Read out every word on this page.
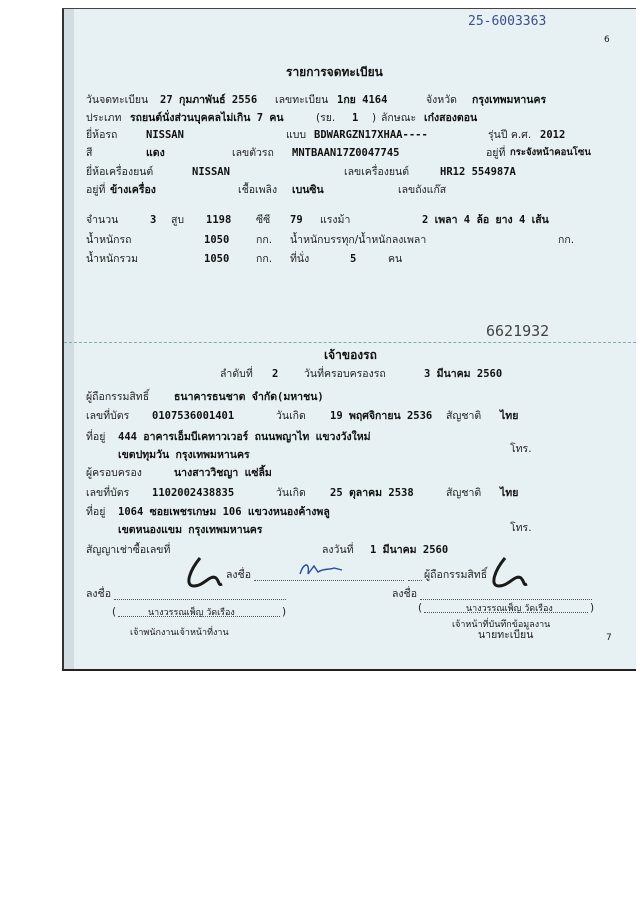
25-6003363
6
รายการจดทะเบียน
วันจดทะเบียน 27 กุมภาพันธ์ 2556 เลขทะเบียน 1กย 4164	จังหวัด กรุงเทพมหานคร
ประเภท รถยนต์นั่งส่วนบุคคลไม่เกิน 7 คน	(รย. 1 ) ลักษณะ เก๋งสองตอน
ยี่ห้อรถ	NISSAN	แบบ BDWARGZN17XHAA----	รุ่นปี ค.ศ. 2012
สี	แดง	เลขตัวรถ MNTBAAN17Z0047745	อยู่ที่ กระจังหน้าคอนโซน
ยี่ห้อเครื่องยนต์	NISSAN	เลขเครื่องยนต์	HR12 554987A
อยู่ที่ ข้างเครื่อง	เชื้อเพลิง เบนซิน	เลขถังแก๊ส
จำนวน	3 สูบ 1198 ซีซี 79 แรงม้า	2 เพลา 4 ล้อ ยาง 4 เส้น
น้ำหนักรถ	1050	กก. น้ำหนักบรรทุก/น้ำหนักลงเพลา	กก.
น้ำหนักรวม	1050	กก. ที่นั่ง	5	คน
6621932
เจ้าของรถ
ลำดับที่ 2 วันที่ครอบครองรถ	3 มีนาคม 2560
ผู้ถือกรรมสิทธิ์ ธนาคารธนชาต จำกัด(มหาชน)
เลขที่บัตร 0107536001401	วันเกิด 19 พฤศจิกายน 2536 สัญชาติ ไทย
ที่อยู่ 444 อาคารเอ็มบีเคทาวเวอร์ ถนนพญาไท แขวงวังใหม่
เขตปทุมวัน กรุงเทพมหานคร	โทร.
ผู้ครอบครอง	นางสาววิชญา แซ่ลิ้ม
เลขที่บัตร 1102002438835	วันเกิด 25 ตุลาคม 2538	สัญชาติ ไทย
ที่อยู่ 1064 ซอยเพชรเกษม 106 แขวงหนองค้างพลู
เขตหนองแขม กรุงเทพมหานคร	โทร.
สัญญาเช่าซื้อเลขที่	ลงวันที่ 1 มีนาคม 2560
ลงชื่อ	ผู้ถือกรรมสิทธิ์
ลงชื่อ	ลงชื่อ
(	นางวรรณเพ็ญ วัดเรือง	)	(	นางวรรณเพ็ญ วัดเรือง	)
เจ้าพนักงานเจ้าหน้าที่งาน
เจ้าหน้าที่บันทึกข้อมูลงาน
นายทะเบียน	7
